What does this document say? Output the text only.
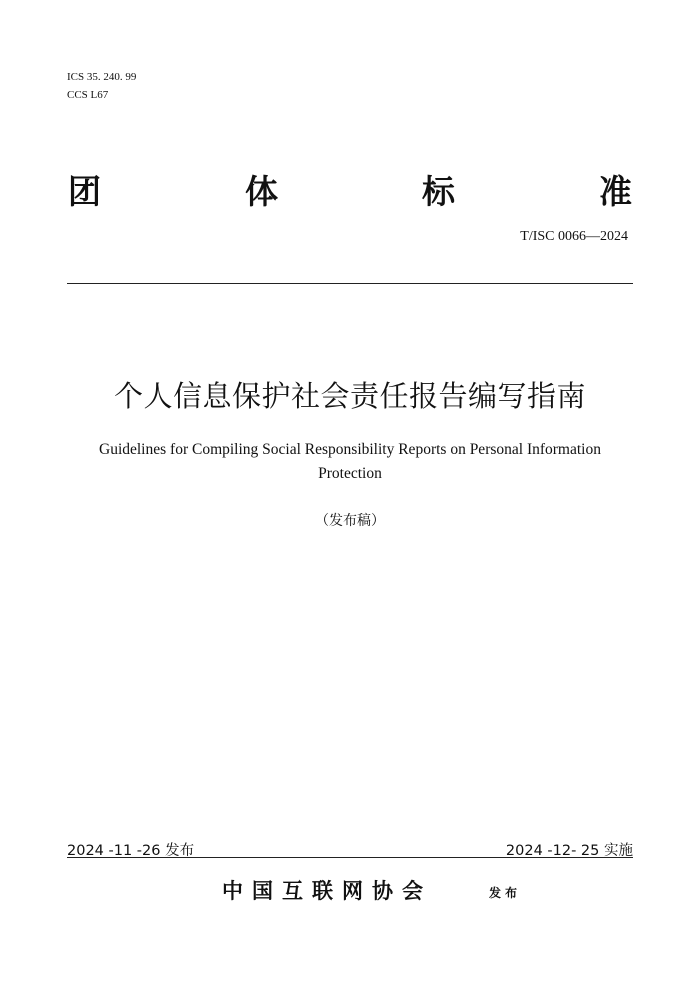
ICS 35. 240. 99
CCS L67
团	体	标	准
T/ISC 0066—2024
个人信息保护社会责任报告编写指南
Guidelines for Compiling Social Responsibility Reports on Personal Information Protection
（发布稿）
2024 -11 -26 发布	2024 -12- 25 实施
中国互联网协会	发布
